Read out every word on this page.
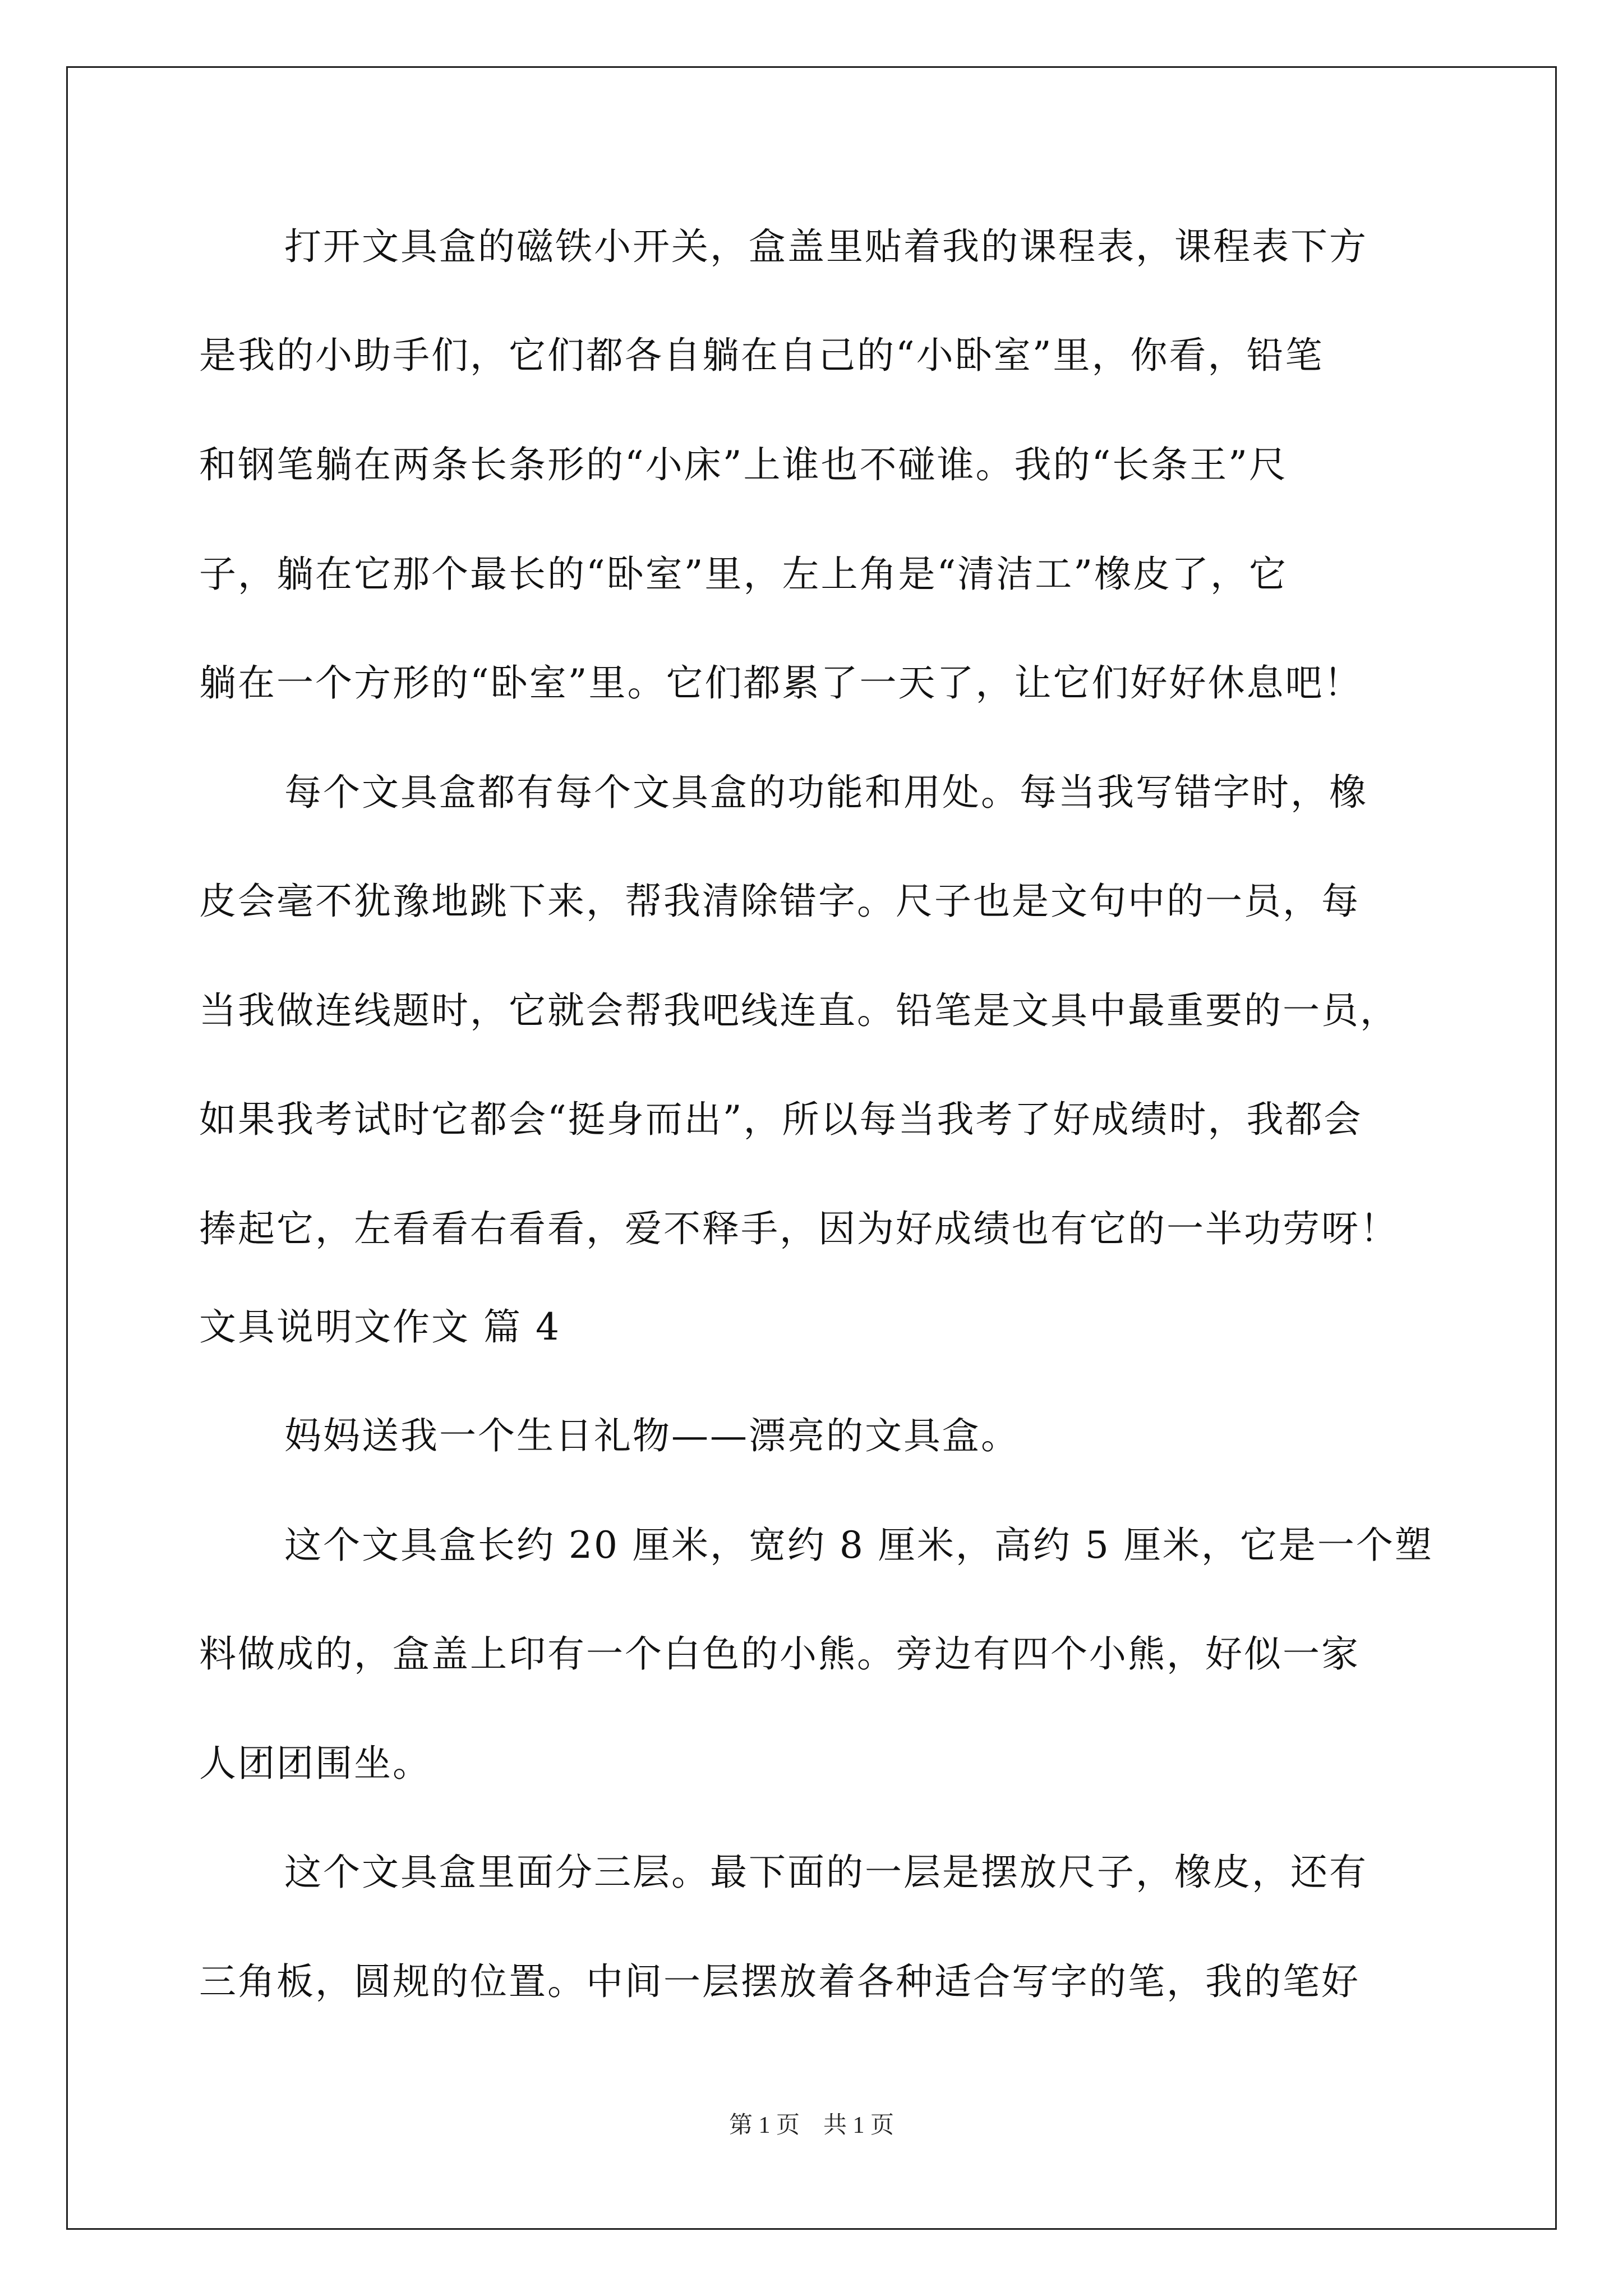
打开文具盒的磁铁小开关，盒盖里贴着我的课程表，课程表下方
是我的小助手们，它们都各自躺在自己的“小卧室”里，你看，铅笔
和钢笔躺在两条长条形的“小床”上谁也不碰谁。我的“长条王”尺
子，躺在它那个最长的“卧室”里，左上角是“清洁工”橡皮了，它
躺在一个方形的“卧室”里。它们都累了一天了，让它们好好休息吧！
每个文具盒都有每个文具盒的功能和用处。每当我写错字时，橡
皮会毫不犹豫地跳下来，帮我清除错字。尺子也是文句中的一员，每
当我做连线题时，它就会帮我吧线连直。铅笔是文具中最重要的一员，
如果我考试时它都会“挺身而出”，所以每当我考了好成绩时，我都会
捧起它，左看看右看看，爱不释手，因为好成绩也有它的一半功劳呀！
文具说明文作文 篇 4
妈妈送我一个生日礼物——漂亮的文具盒。
这个文具盒长约 20 厘米，宽约 8 厘米，高约 5 厘米，它是一个塑
料做成的，盒盖上印有一个白色的小熊。旁边有四个小熊，好似一家
人团团围坐。
这个文具盒里面分三层。最下面的一层是摆放尺子，橡皮，还有
三角板，圆规的位置。中间一层摆放着各种适合写字的笔，我的笔好
第 1 页　共 1 页
